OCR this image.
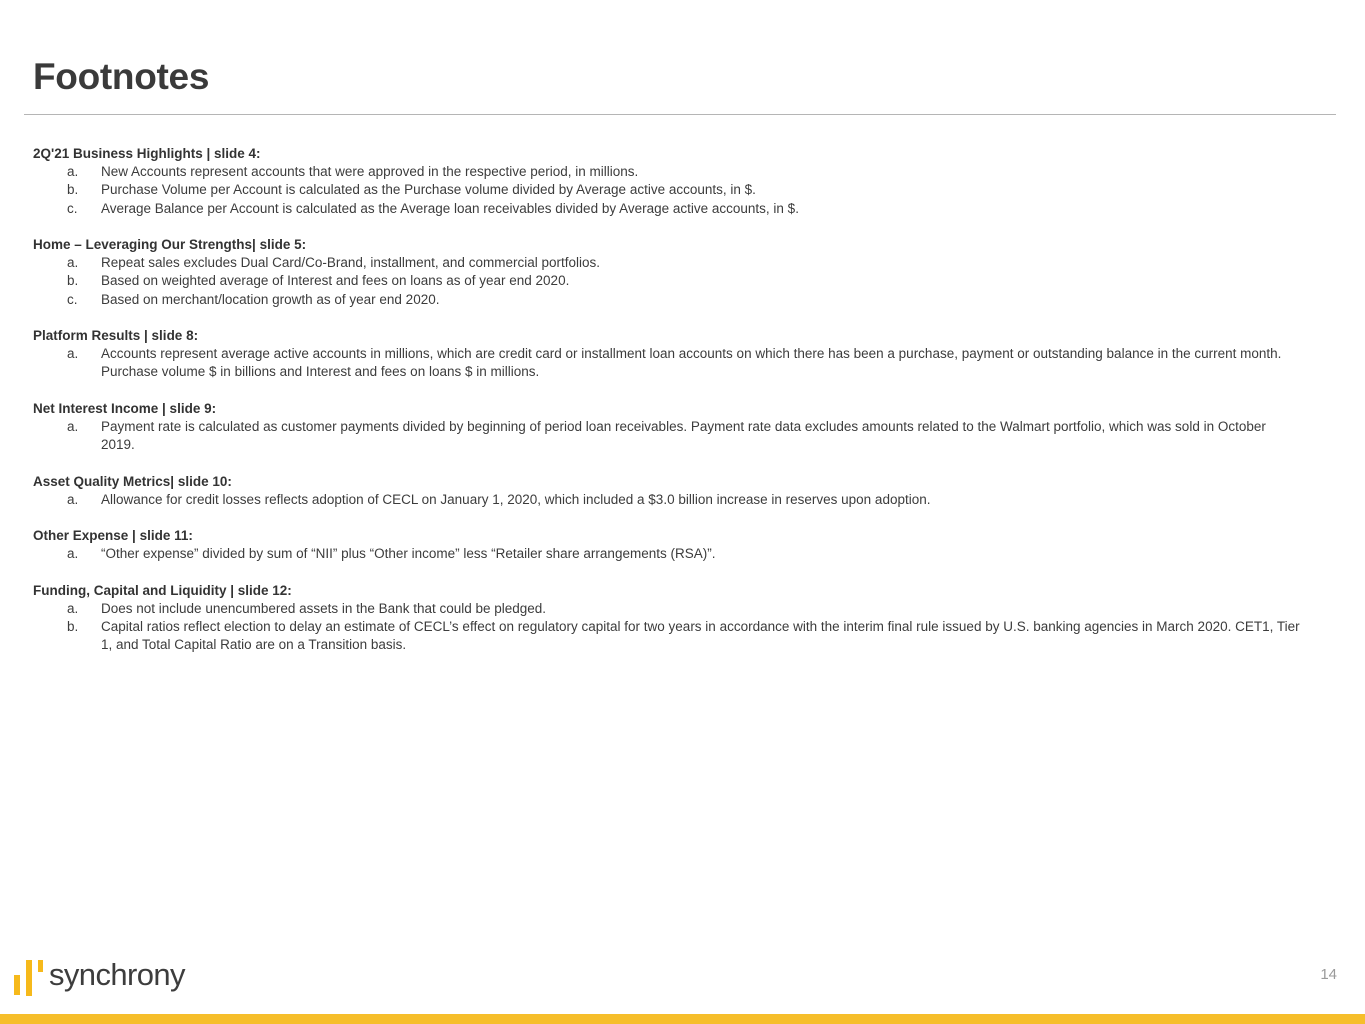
Footnotes

2Q'21 Business Highlights | slide 4:

a. New Accounts represent accounts that were approved in the respective period, in millions.
b. Purchase Volume per Account is calculated as the Purchase volume divided by Average active accounts, in $.
c. Average Balance per Account is calculated as the Average loan receivables divided by Average active accounts, in $.

Home – Leveraging Our Strengths| slide 5:

a. Repeat sales excludes Dual Card/Co-Brand, installment, and commercial portfolios.
b. Based on weighted average of Interest and fees on loans as of year end 2020.
c. Based on merchant/location growth as of year end 2020.

Platform Results | slide 8:

a. Accounts represent average active accounts in millions, which are credit card or installment loan accounts on which there has been a purchase, payment or outstanding balance in the current month. Purchase volume $ in billions and Interest and fees on loans $ in millions.

Net Interest Income | slide 9:

a. Payment rate is calculated as customer payments divided by beginning of period loan receivables. Payment rate data excludes amounts related to the Walmart portfolio, which was sold in October 2019.

Asset Quality Metrics| slide 10:

a. Allowance for credit losses reflects adoption of CECL on January 1, 2020, which included a $3.0 billion increase in reserves upon adoption.

Other Expense | slide 11:

a. “Other expense” divided by sum of “NII” plus “Other income” less “Retailer share arrangements (RSA)”.

Funding, Capital and Liquidity | slide 12:

a. Does not include unencumbered assets in the Bank that could be pledged.
b. Capital ratios reflect election to delay an estimate of CECL’s effect on regulatory capital for two years in accordance with the interim final rule issued by U.S. banking agencies in March 2020. CET1, Tier 1, and Total Capital Ratio are on a Transition basis.
synchrony	14
